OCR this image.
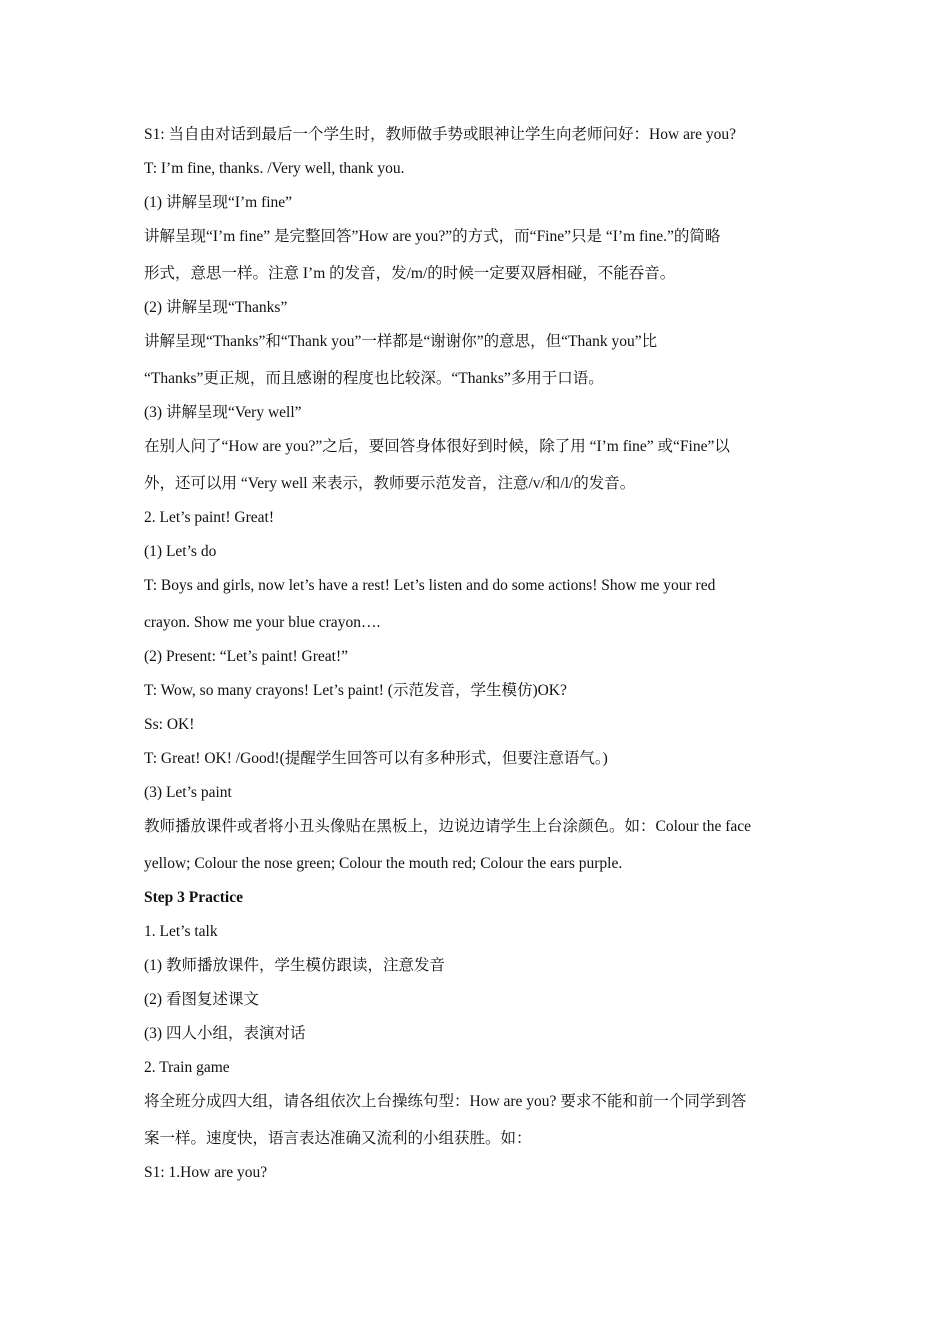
S1: 当自由对话到最后一个学生时，教师做手势或眼神让学生向老师问好：How are you?
T: I’m fine, thanks. /Very well, thank you.
(1) 讲解呈现“I’m fine”
讲解呈现“I’m fine” 是完整回答”How are you?”的方式，而“Fine”只是 “I’m fine.”的简略
形式，意思一样。注意 I’m 的发音，发/m/的时候一定要双唇相碰，不能吞音。
(2) 讲解呈现“Thanks”
讲解呈现“Thanks”和“Thank you”一样都是“谢谢你”的意思，但“Thank you”比
“Thanks”更正规，而且感谢的程度也比较深。“Thanks”多用于口语。
(3) 讲解呈现“Very well”
在别人问了“How are you?”之后，要回答身体很好到时候，除了用 “I’m fine” 或“Fine”以
外，还可以用 “Very well 来表示，教师要示范发音，注意/v/和/l/的发音。
2. Let’s paint! Great!
(1) Let’s do
T: Boys and girls, now let’s have a rest! Let’s listen and do some actions! Show me your red
crayon. Show me your blue crayon….
(2) Present: “Let’s paint! Great!”
T: Wow, so many crayons! Let’s paint! (示范发音，学生模仿)OK?
Ss: OK!
T: Great! OK! /Good!(提醒学生回答可以有多种形式，但要注意语气。)
(3) Let’s paint
教师播放课件或者将小丑头像贴在黑板上，边说边请学生上台涂颜色。如：Colour the face
yellow; Colour the nose green; Colour the mouth red; Colour the ears purple.
Step 3 Practice
1. Let’s talk
(1) 教师播放课件，学生模仿跟读，注意发音
(2) 看图复述课文
(3) 四人小组，表演对话
2. Train game
将全班分成四大组，请各组依次上台操练句型：How are you? 要求不能和前一个同学到答
案一样。速度快，语言表达准确又流利的小组获胜。如：
S1: 1.How are you?
